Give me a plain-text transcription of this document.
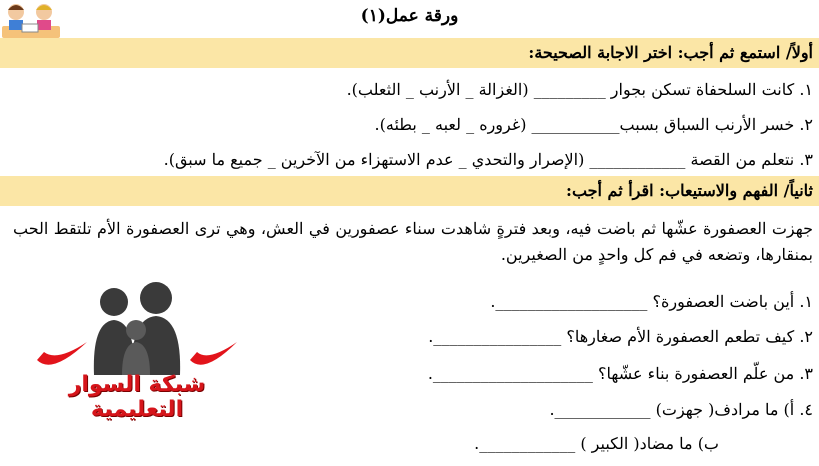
ورقة عمل(١)
أولاً/ استمع ثم أجب: اختر الاجابة الصحيحة:
١. كانت السلحفاة تسكن بجوار _________ (الغزالة _ الأرنب _ الثعلب).
٢. خسر الأرنب السباق بسبب___________ (غروره _ لعبه _ بطئه).
٣. نتعلم من القصة ____________ (الإصرار والتحدي _ عدم الاستهزاء من الآخرين _ جميع ما سبق).
ثانياً/ الفهم والاستيعاب: اقرأ ثم أجب:
جهزت العصفورة عشّها ثم باضت فيه، وبعد فترةٍ شاهدت سناء عصفورين في العش، وهي ترى العصفورة الأم تلتقط الحب بمنقارها، وتضعه في فم كل واحدٍ من الصغيرين.
١. أين باضت العصفورة؟ ___________________.
٢. كيف تطعم العصفورة الأم صغارها؟ ________________.
٣. من علّم العصفورة بناء عشّها؟ ____________________.
٤. أ) ما مرادف( جهزت) ____________.
ب) ما مضاد( الكبير ) ____________.
شبكة السوار التعليمية
